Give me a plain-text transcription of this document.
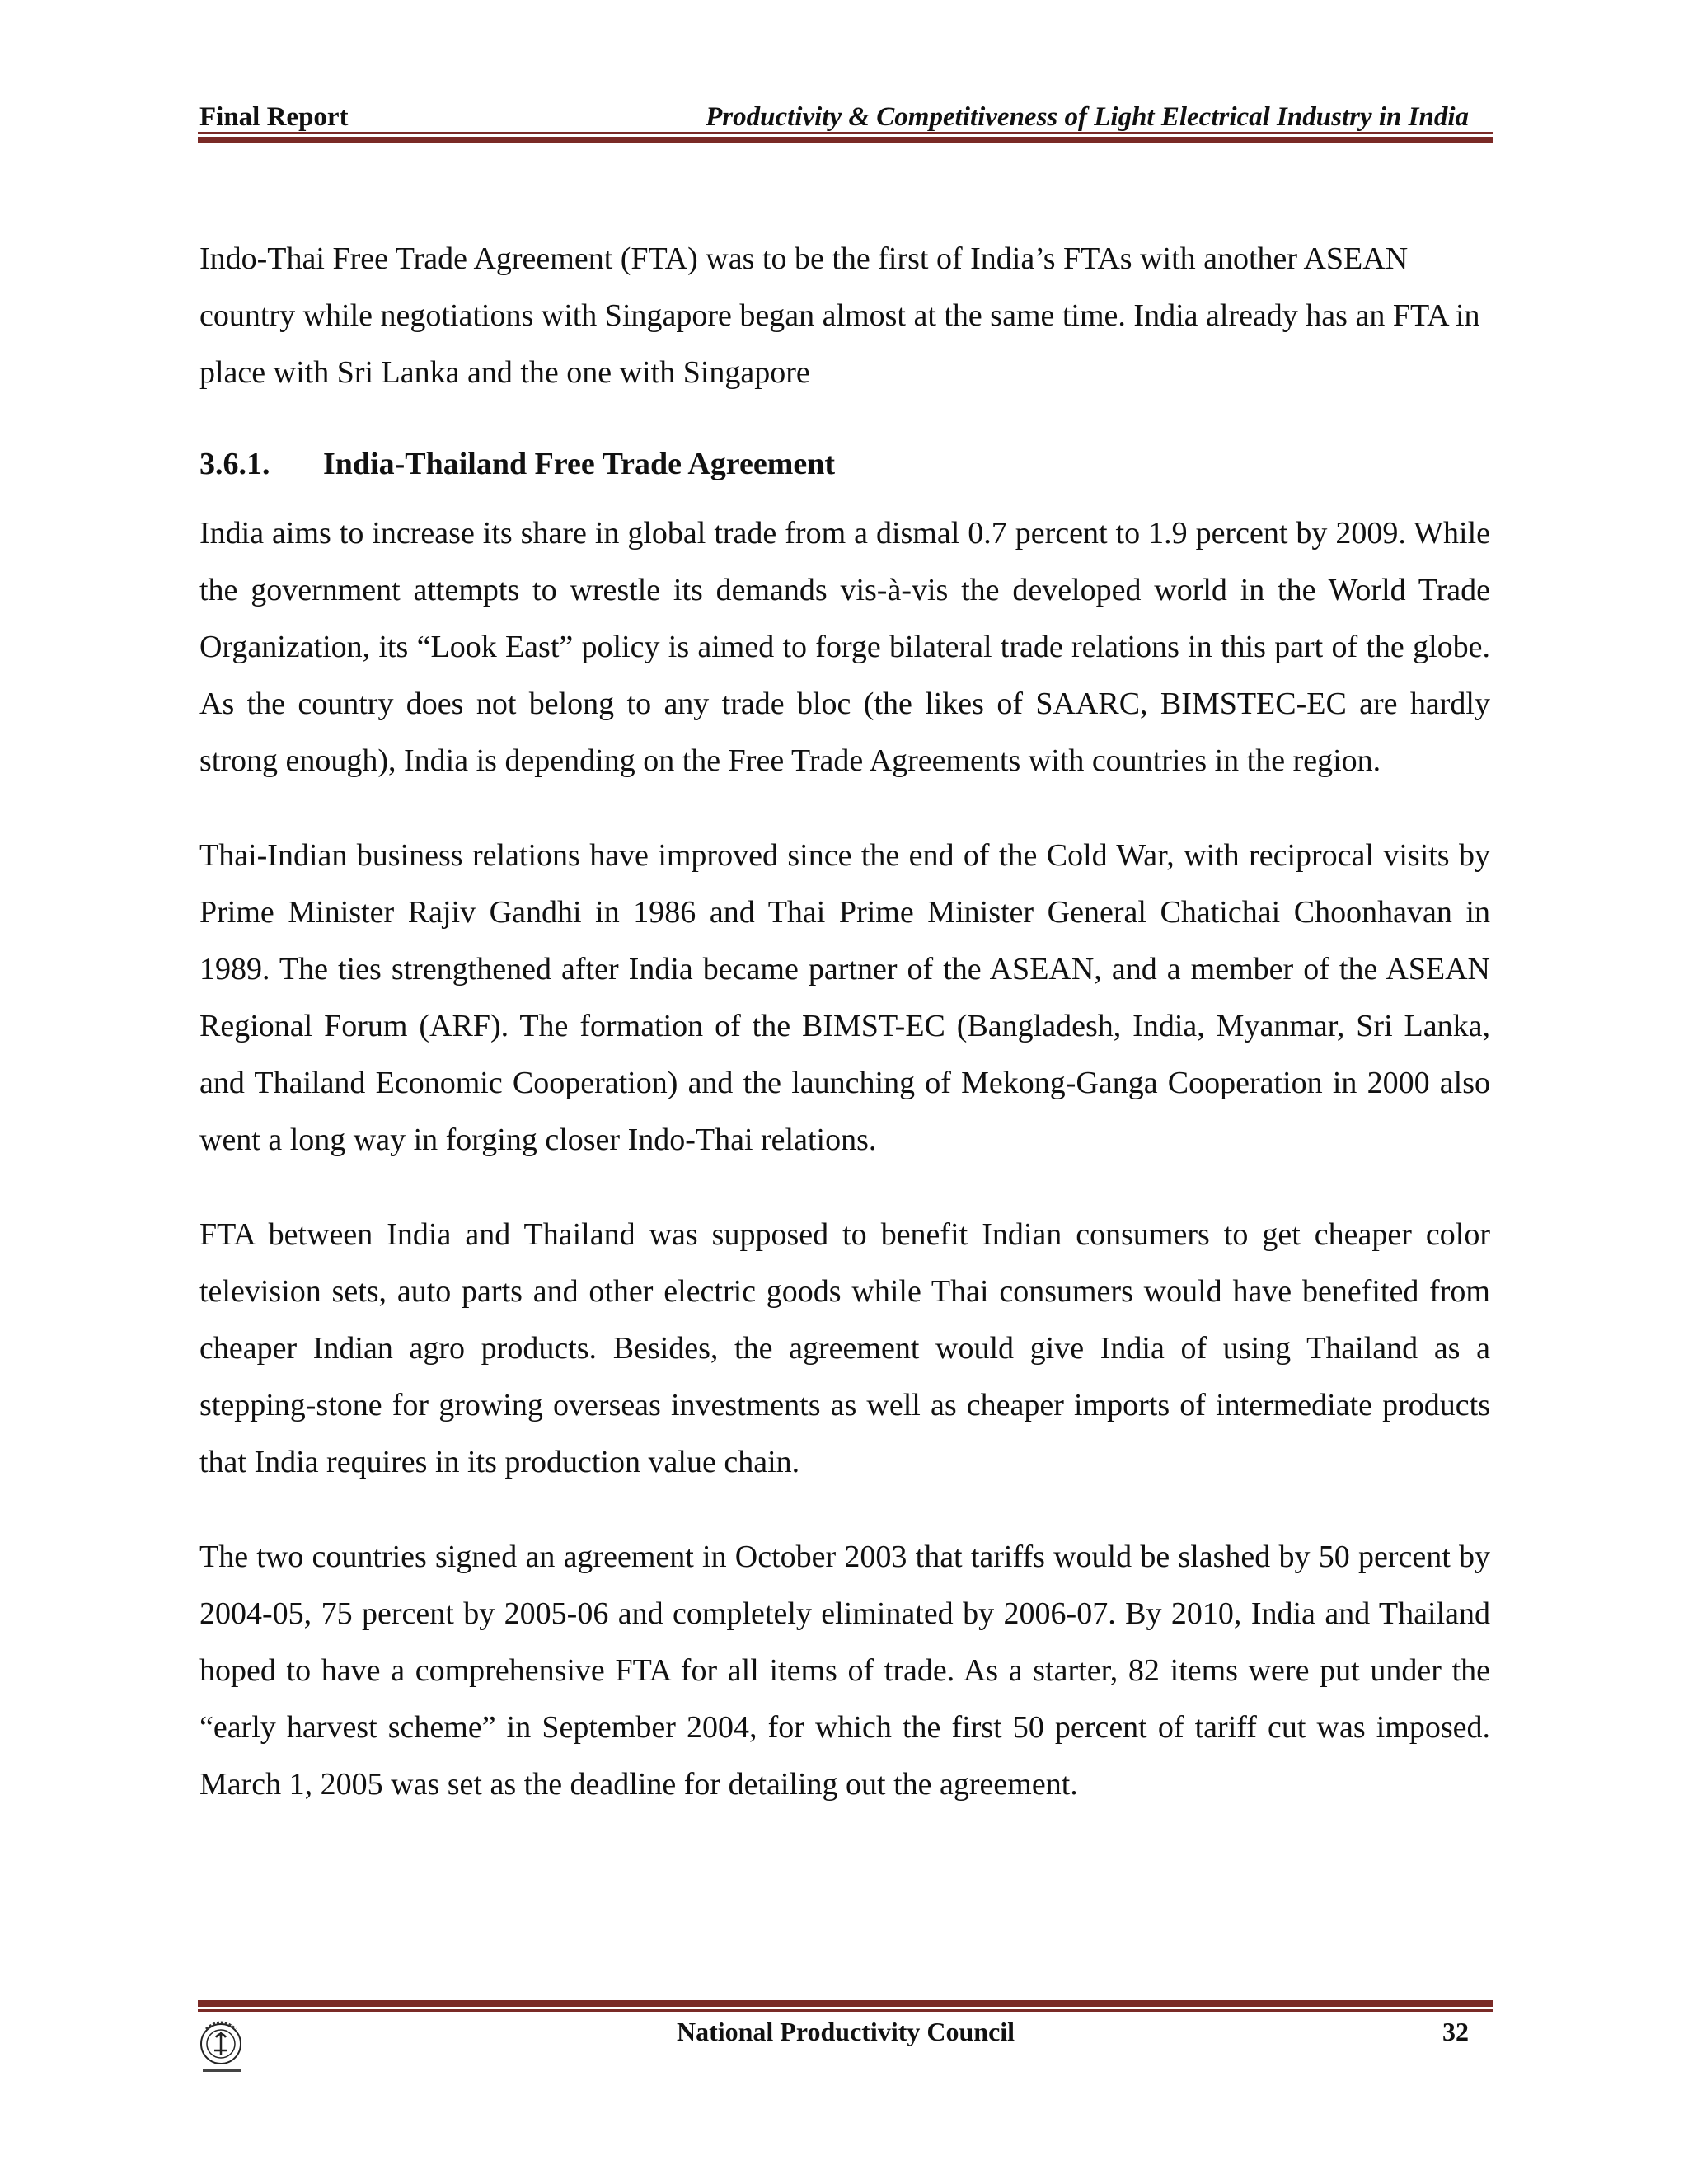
Final Report	Productivity & Competitiveness of Light Electrical Industry in India

Indo-Thai Free Trade Agreement (FTA) was to be the first of India’s FTAs with another ASEAN country while negotiations with Singapore began almost at the same time. India already has an FTA in place with Sri Lanka and the one with Singapore

3.6.1. India-Thailand Free Trade Agreement

India aims to increase its share in global trade from a dismal 0.7 percent to 1.9 percent by 2009. While the government attempts to wrestle its demands vis-à-vis the developed world in the World Trade Organization, its “Look East” policy is aimed to forge bilateral trade relations in this part of the globe. As the country does not belong to any trade bloc (the likes of SAARC, BIMSTEC-EC are hardly strong enough), India is depending on the Free Trade Agreements with countries in the region.

Thai-Indian business relations have improved since the end of the Cold War, with reciprocal visits by Prime Minister Rajiv Gandhi in 1986 and Thai Prime Minister General Chatichai Choonhavan in 1989. The ties strengthened after India became partner of the ASEAN, and a member of the ASEAN Regional Forum (ARF). The formation of the BIMST-EC (Bangladesh, India, Myanmar, Sri Lanka, and Thailand Economic Cooperation) and the launching of Mekong-Ganga Cooperation in 2000 also went a long way in forging closer Indo-Thai relations.

FTA between India and Thailand was supposed to benefit Indian consumers to get cheaper color television sets, auto parts and other electric goods while Thai consumers would have benefited from cheaper Indian agro products. Besides, the agreement would give India of using Thailand as a stepping-stone for growing overseas investments as well as cheaper imports of intermediate products that India requires in its production value chain.

The two countries signed an agreement in October 2003 that tariffs would be slashed by 50 percent by 2004-05, 75 percent by 2005-06 and completely eliminated by 2006-07. By 2010, India and Thailand hoped to have a comprehensive FTA for all items of trade. As a starter, 82 items were put under the “early harvest scheme” in September 2004, for which the first 50 percent of tariff cut was imposed. March 1, 2005 was set as the deadline for detailing out the agreement.

National Productivity Council	32
